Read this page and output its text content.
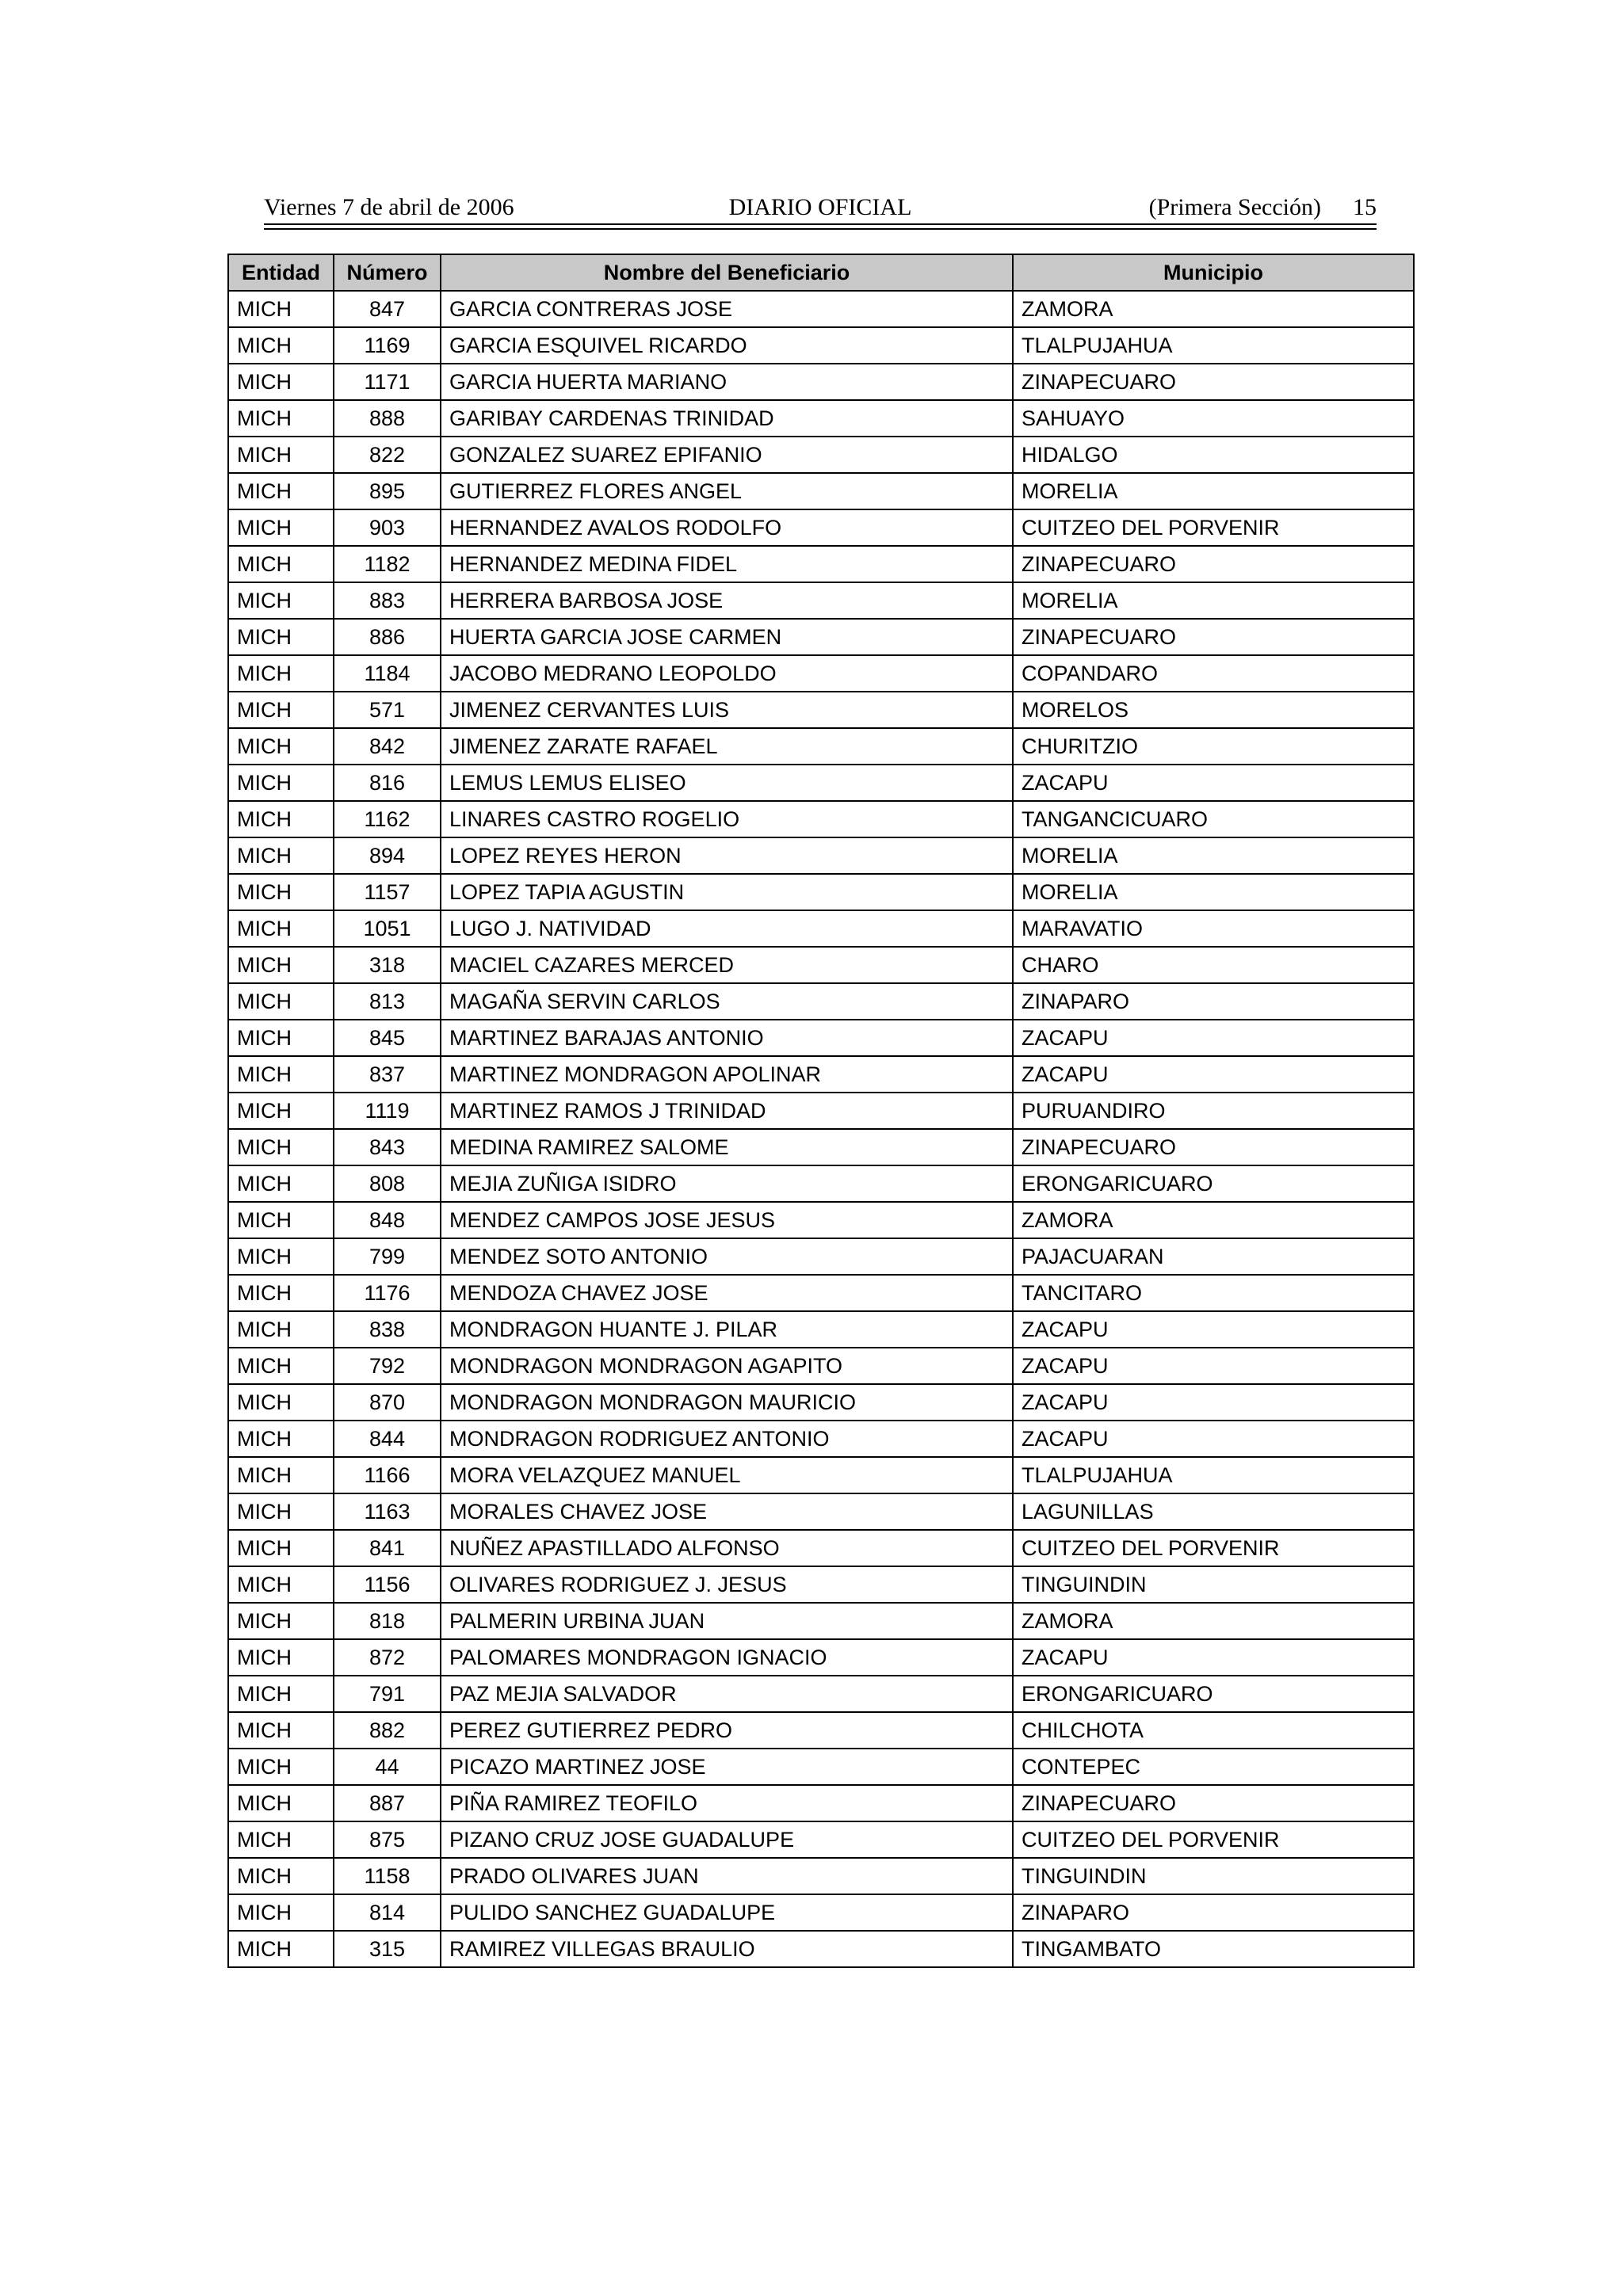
Viernes 7 de abril de 2006	DIARIO OFICIAL	(Primera Sección) 15
Entidad	Número	Nombre del Beneficiario	Municipio
MICH	847	GARCIA CONTRERAS JOSE	ZAMORA
MICH	1169	GARCIA ESQUIVEL RICARDO	TLALPUJAHUA
MICH	1171	GARCIA HUERTA MARIANO	ZINAPECUARO
MICH	888	GARIBAY CARDENAS TRINIDAD	SAHUAYO
MICH	822	GONZALEZ SUAREZ EPIFANIO	HIDALGO
MICH	895	GUTIERREZ FLORES ANGEL	MORELIA
MICH	903	HERNANDEZ AVALOS RODOLFO	CUITZEO DEL PORVENIR
MICH	1182	HERNANDEZ MEDINA FIDEL	ZINAPECUARO
MICH	883	HERRERA BARBOSA JOSE	MORELIA
MICH	886	HUERTA GARCIA JOSE CARMEN	ZINAPECUARO
MICH	1184	JACOBO MEDRANO LEOPOLDO	COPANDARO
MICH	571	JIMENEZ CERVANTES LUIS	MORELOS
MICH	842	JIMENEZ ZARATE RAFAEL	CHURITZIO
MICH	816	LEMUS LEMUS ELISEO	ZACAPU
MICH	1162	LINARES CASTRO ROGELIO	TANGANCICUARO
MICH	894	LOPEZ REYES HERON	MORELIA
MICH	1157	LOPEZ TAPIA AGUSTIN	MORELIA
MICH	1051	LUGO J. NATIVIDAD	MARAVATIO
MICH	318	MACIEL CAZARES MERCED	CHARO
MICH	813	MAGAÑA SERVIN CARLOS	ZINAPARO
MICH	845	MARTINEZ BARAJAS ANTONIO	ZACAPU
MICH	837	MARTINEZ MONDRAGON APOLINAR	ZACAPU
MICH	1119	MARTINEZ RAMOS J TRINIDAD	PURUANDIRO
MICH	843	MEDINA RAMIREZ SALOME	ZINAPECUARO
MICH	808	MEJIA ZUÑIGA ISIDRO	ERONGARICUARO
MICH	848	MENDEZ CAMPOS JOSE JESUS	ZAMORA
MICH	799	MENDEZ SOTO ANTONIO	PAJACUARAN
MICH	1176	MENDOZA CHAVEZ JOSE	TANCITARO
MICH	838	MONDRAGON HUANTE J. PILAR	ZACAPU
MICH	792	MONDRAGON MONDRAGON AGAPITO	ZACAPU
MICH	870	MONDRAGON MONDRAGON MAURICIO	ZACAPU
MICH	844	MONDRAGON RODRIGUEZ ANTONIO	ZACAPU
MICH	1166	MORA VELAZQUEZ MANUEL	TLALPUJAHUA
MICH	1163	MORALES CHAVEZ JOSE	LAGUNILLAS
MICH	841	NUÑEZ APASTILLADO ALFONSO	CUITZEO DEL PORVENIR
MICH	1156	OLIVARES RODRIGUEZ J. JESUS	TINGUINDIN
MICH	818	PALMERIN URBINA JUAN	ZAMORA
MICH	872	PALOMARES MONDRAGON IGNACIO	ZACAPU
MICH	791	PAZ MEJIA SALVADOR	ERONGARICUARO
MICH	882	PEREZ GUTIERREZ PEDRO	CHILCHOTA
MICH	44	PICAZO MARTINEZ JOSE	CONTEPEC
MICH	887	PIÑA RAMIREZ TEOFILO	ZINAPECUARO
MICH	875	PIZANO CRUZ JOSE GUADALUPE	CUITZEO DEL PORVENIR
MICH	1158	PRADO OLIVARES JUAN	TINGUINDIN
MICH	814	PULIDO SANCHEZ GUADALUPE	ZINAPARO
MICH	315	RAMIREZ VILLEGAS BRAULIO	TINGAMBATO
